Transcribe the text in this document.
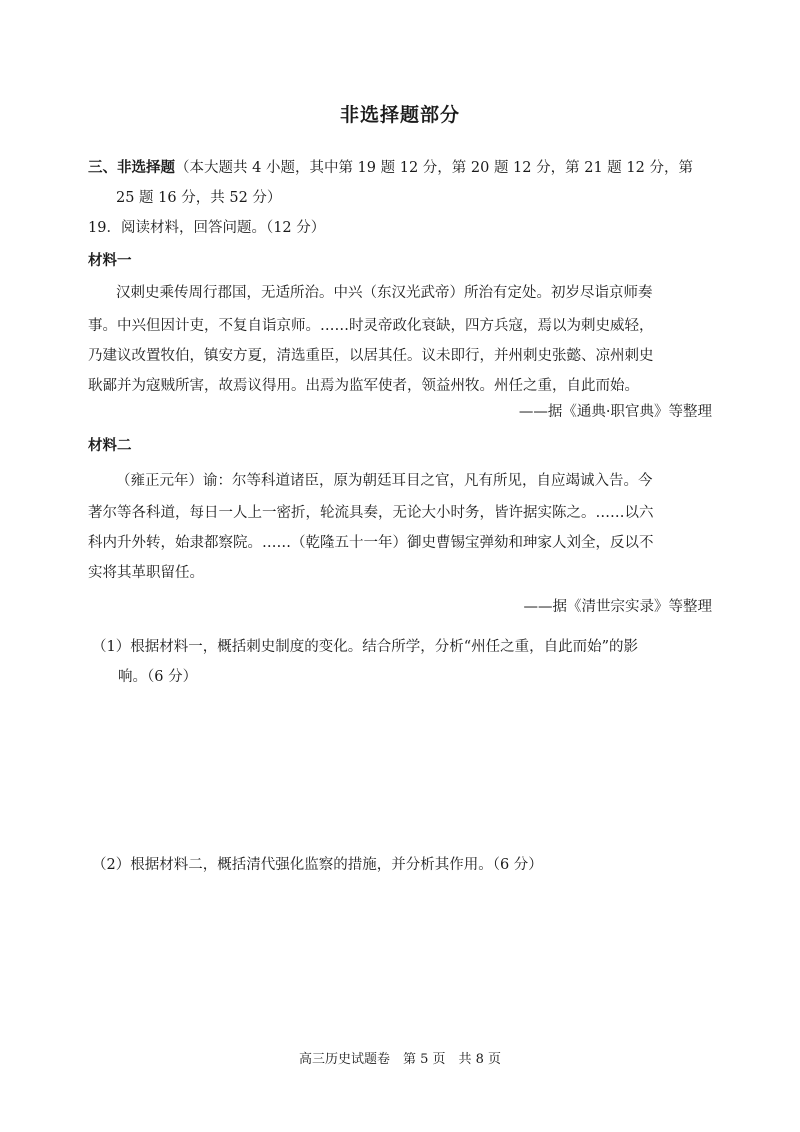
非选择题部分
三、非选择题（本大题共 4 小题，其中第 19 题 12 分，第 20 题 12 分，第 21 题 12 分，第
25 题 16 分，共 52 分）
19．阅读材料，回答问题。（12 分）
材料一
汉刺史乘传周行郡国，无适所治。中兴（东汉光武帝）所治有定处。初岁尽诣京师奏
事。中兴但因计吏，不复自诣京师。……时灵帝政化衰缺，四方兵寇，焉以为刺史威轻，
乃建议改置牧伯，镇安方夏，清选重臣，以居其任。议未即行，并州刺史张懿、凉州刺史
耿鄙并为寇贼所害，故焉议得用。出焉为监军使者，领益州牧。州任之重，自此而始。
——据《通典·职官典》等整理
材料二
（雍正元年）谕：尔等科道诸臣，原为朝廷耳目之官，凡有所见，自应竭诚入告。今
著尔等各科道，每日一人上一密折，轮流具奏，无论大小时务，皆许据实陈之。……以六
科内升外转，始隶都察院。……（乾隆五十一年）御史曹锡宝弹劾和珅家人刘全，反以不
实将其革职留任。
——据《清世宗实录》等整理
（1）根据材料一，概括刺史制度的变化。结合所学，分析“州任之重，自此而始”的影
响。（6 分）
（2）根据材料二，概括清代强化监察的措施，并分析其作用。（6 分）
高三历史试题卷　第 5 页　共 8 页
